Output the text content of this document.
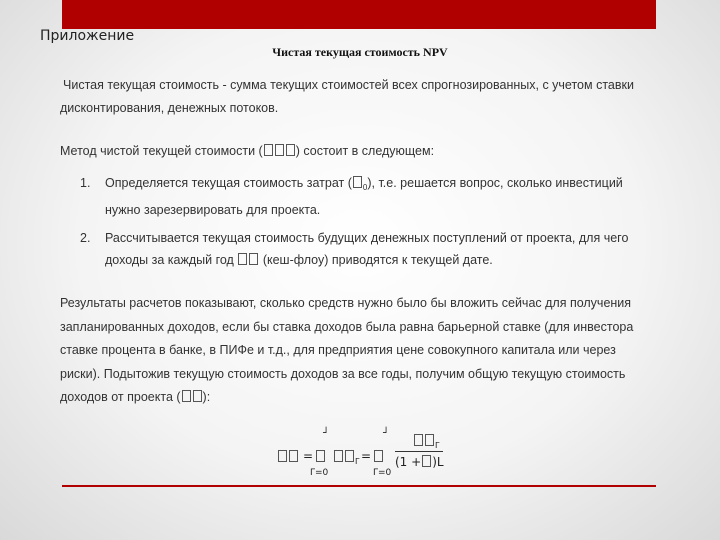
Приложение
Чистая текущая стоимость NPV
Чистая текущая стоимость - сумма текущих стоимостей всех спрогнозированных, с учетом ставки
дисконтирования, денежных потоков.
Метод чистой текущей стоимости (	) состоит в следующем:
1. Определяется текущая стоимость затрат ( $_0$), т.е. решается вопрос, сколько инвестиций
нужно зарезервировать для проекта.
2. Рассчитывается текущая стоимость будущих денежных поступлений от проекта, для чего
доходы за каждый год (кеш-флоу) приводятся к текущей дате.
Результаты расчетов показывают, сколько средств нужно было бы вложить сейчас для получения
запланированных доходов, если бы ставка доходов была равна барьерной ставке (для инвестора
ставке процента в банке, в ПИФе и т.д., для предприятия цене совокупного капитала или через
риски). Подытожив текущую стоимость доходов за все годы, получим общую текущую стоимость
доходов от проекта ( ):
┘
=
Γ=0
$_\Gamma$ =
┘
Γ=0
$_\Gamma$
(1 + )L
